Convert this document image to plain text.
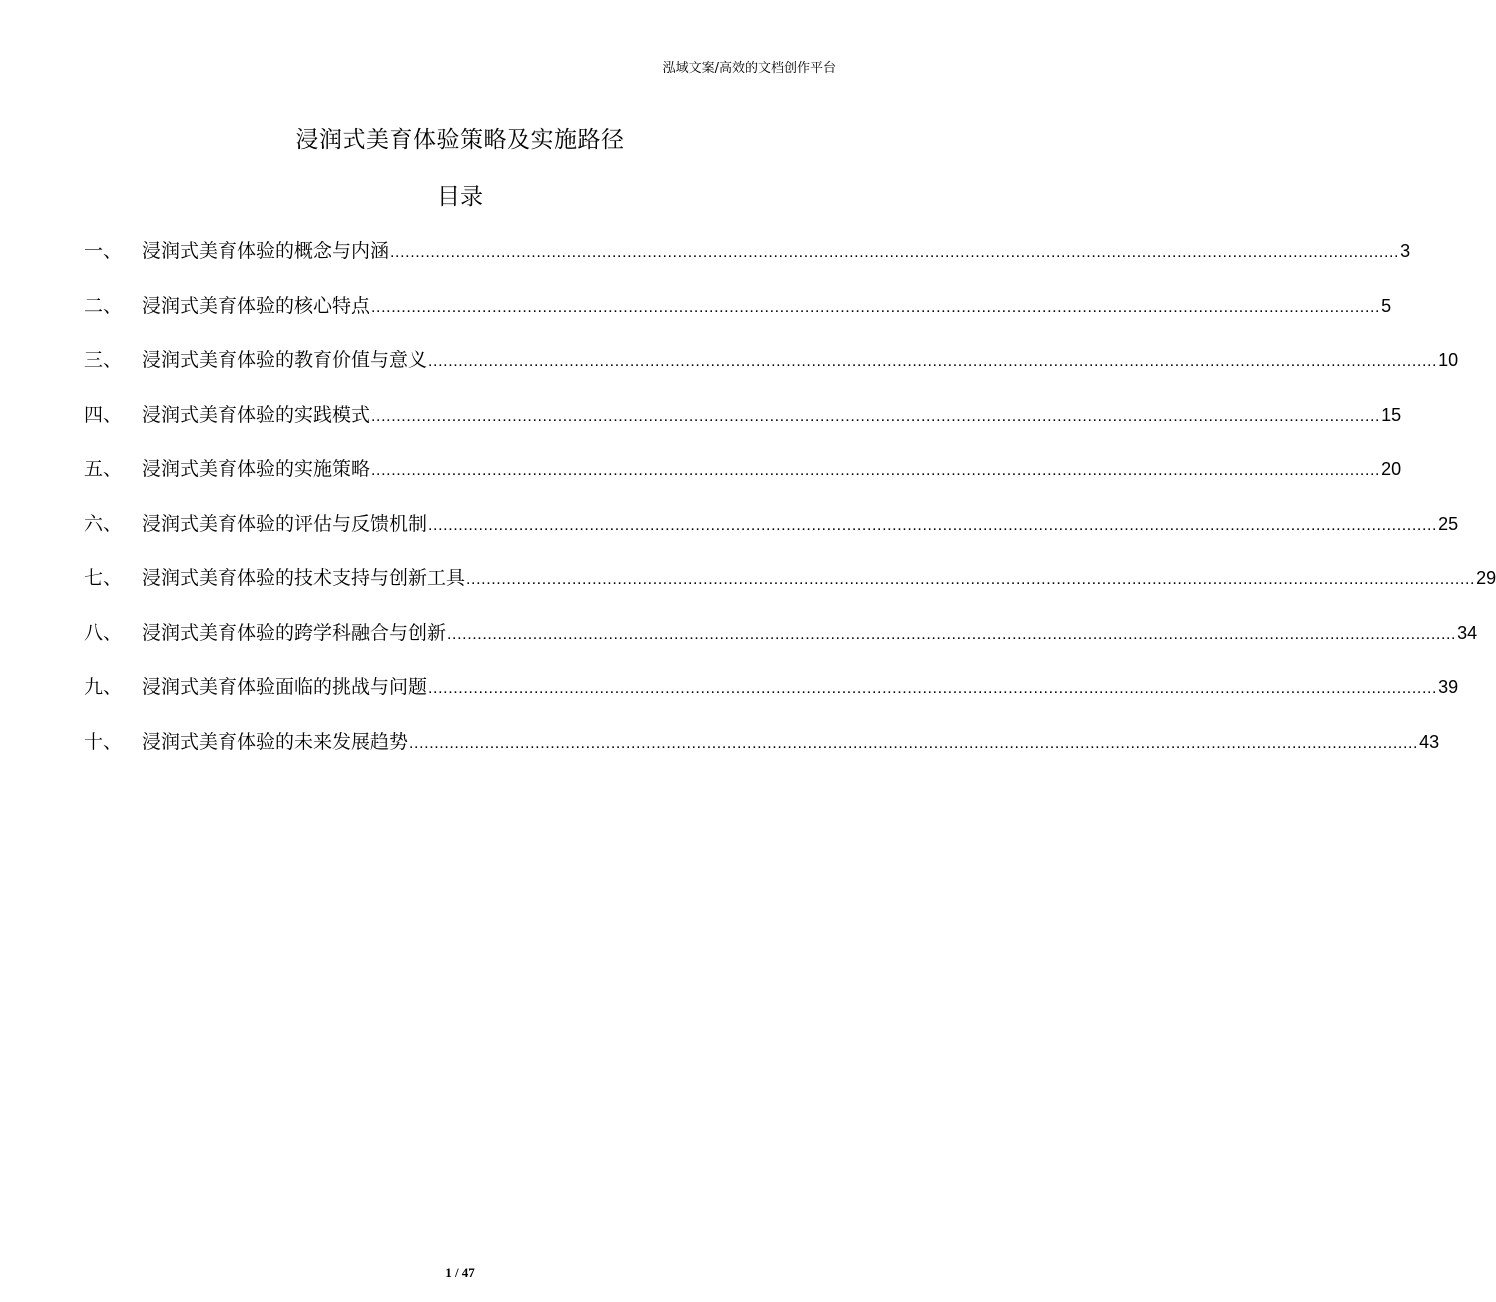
泓域文案/高效的文档创作平台
浸润式美育体验策略及实施路径
目录
一、	浸润式美育体验的概念与内涵 ........................................................................................................................................................................................................ 3
二、	浸润式美育体验的核心特点 ........................................................................................................................................................................................................ 5
三、	浸润式美育体验的教育价值与意义 ........................................................................................................................................................................................................ 10
四、	浸润式美育体验的实践模式 ........................................................................................................................................................................................................ 15
五、	浸润式美育体验的实施策略 ........................................................................................................................................................................................................ 20
六、	浸润式美育体验的评估与反馈机制 ........................................................................................................................................................................................................ 25
七、	浸润式美育体验的技术支持与创新工具 ........................................................................................................................................................................................................ 29
八、	浸润式美育体验的跨学科融合与创新 ........................................................................................................................................................................................................ 34
九、	浸润式美育体验面临的挑战与问题 ........................................................................................................................................................................................................ 39
十、	浸润式美育体验的未来发展趋势 ........................................................................................................................................................................................................ 43
1 / 47
